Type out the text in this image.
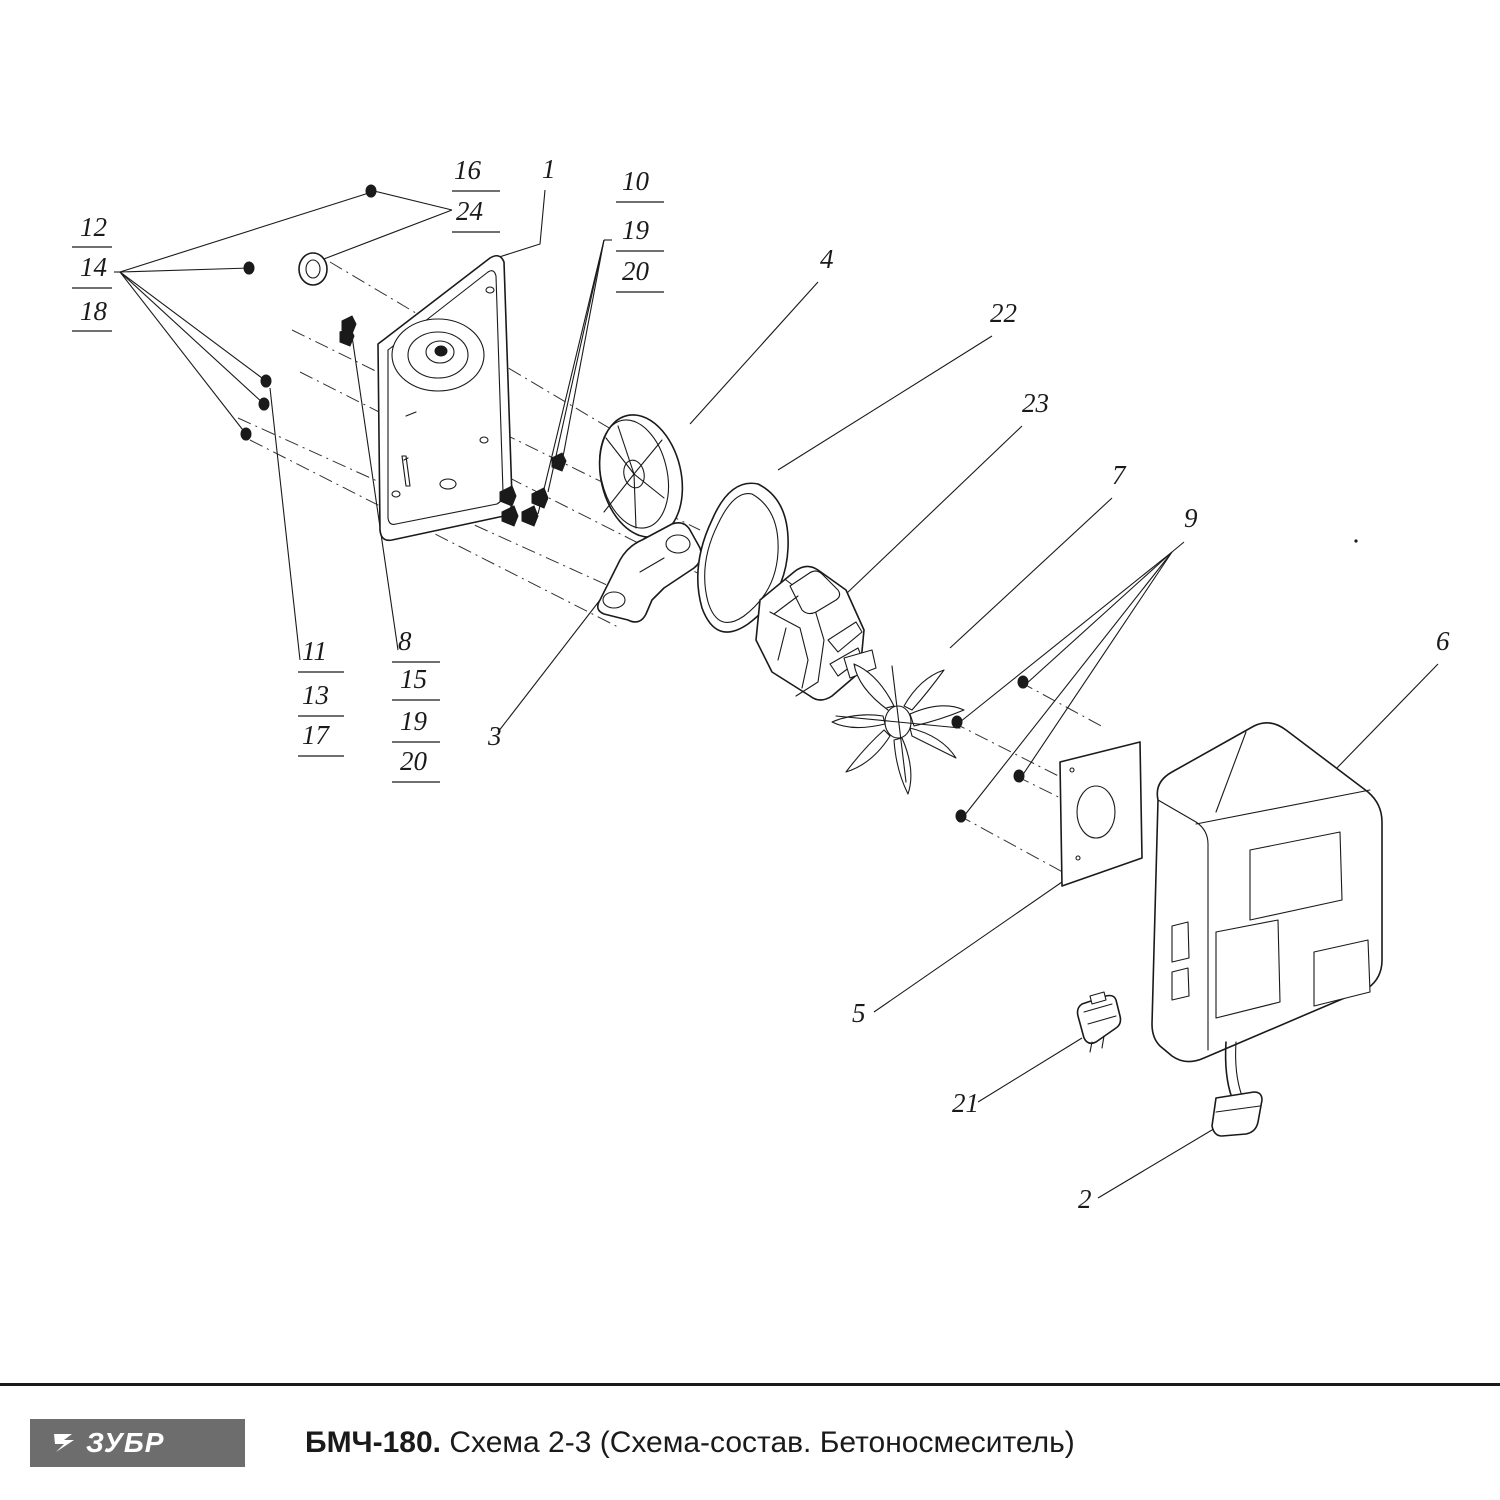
12
14
18
16
24
1 10
19
20	4
22
23
7
9
6
11
13
17
8
15
19
20
3
5
21
2
ЗУБР	БМЧ-180. Схема 2-3 (Схема-состав. Бетоносмеситель)
